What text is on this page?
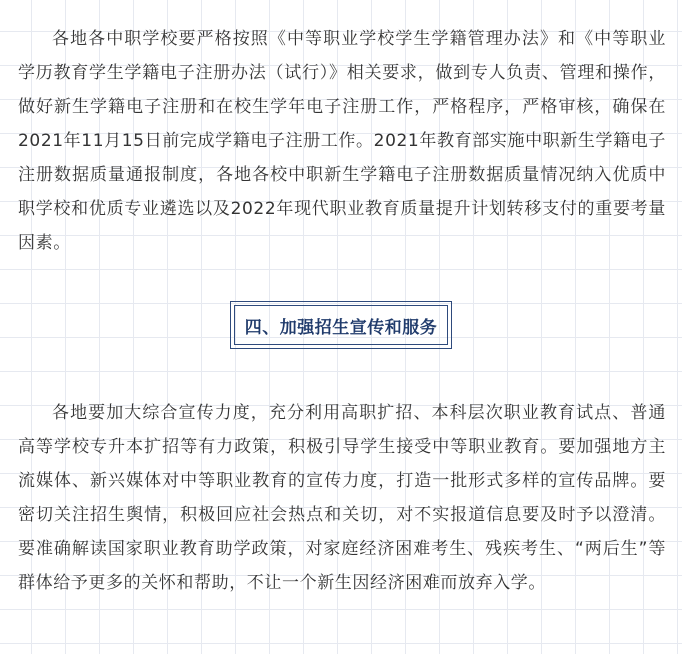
各地各中职学校要严格按照《中等职业学校学生学籍管理办法》和《中等职业学历教育学生学籍电子注册办法（试行）》相关要求，做到专人负责、管理和操作，做好新生学籍电子注册和在校生学年电子注册工作，严格程序，严格审核，确保在2021年11月15日前完成学籍电子注册工作。2021年教育部实施中职新生学籍电子注册数据质量通报制度，各地各校中职新生学籍电子注册数据质量情况纳入优质中职学校和优质专业遴选以及2022年现代职业教育质量提升计划转移支付的重要考量因素。

四、加强招生宣传和服务

各地要加大综合宣传力度，充分利用高职扩招、本科层次职业教育试点、普通高等学校专升本扩招等有力政策，积极引导学生接受中等职业教育。要加强地方主流媒体、新兴媒体对中等职业教育的宣传力度，打造一批形式多样的宣传品牌。要密切关注招生舆情，积极回应社会热点和关切，对不实报道信息要及时予以澄清。要准确解读国家职业教育助学政策，对家庭经济困难考生、残疾考生、“两后生”等群体给予更多的关怀和帮助，不让一个新生因经济困难而放弃入学。
